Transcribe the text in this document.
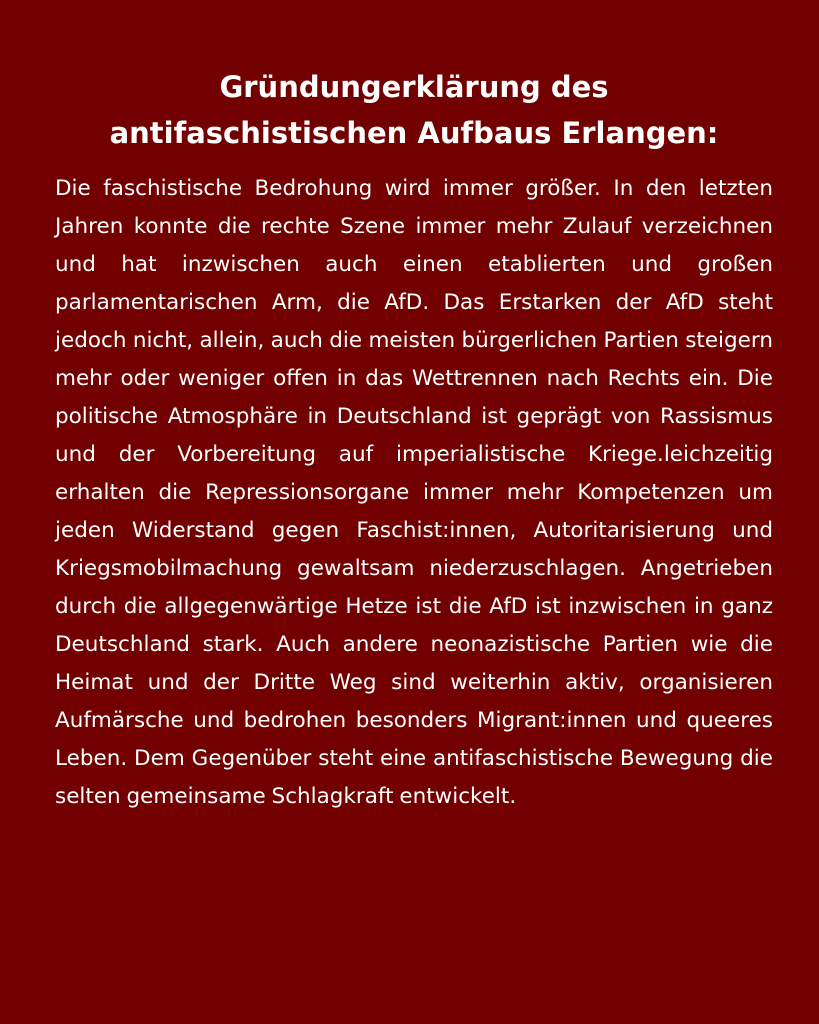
Gründungerklärung des
antifaschistischen Aufbaus Erlangen:

Die faschistische Bedrohung wird immer größer. In den letzten Jahren konnte die rechte Szene immer mehr Zulauf verzeichnen und hat inzwischen auch einen etablierten und großen parlamentarischen Arm, die AfD. Das Erstarken der AfD steht jedoch nicht, allein, auch die meisten bürgerlichen Partien steigern mehr oder weniger offen in das Wettrennen nach Rechts ein. Die politische Atmosphäre in Deutschland ist geprägt von Rassismus und der Vorbereitung auf imperialistische Kriege.leichzeitig erhalten die Repressionsorgane immer mehr Kompetenzen um jeden Widerstand gegen Faschist:innen, Autoritarisierung und Kriegsmobilmachung gewaltsam niederzuschlagen. Angetrieben durch die allgegenwärtige Hetze ist die AfD ist inzwischen in ganz Deutschland stark. Auch andere neonazistische Partien wie die Heimat und der Dritte Weg sind weiterhin aktiv, organisieren Aufmärsche und bedrohen besonders Migrant:innen und queeres Leben. Dem Gegenüber steht eine antifaschistische Bewegung die selten gemeinsame Schlagkraft entwickelt.
